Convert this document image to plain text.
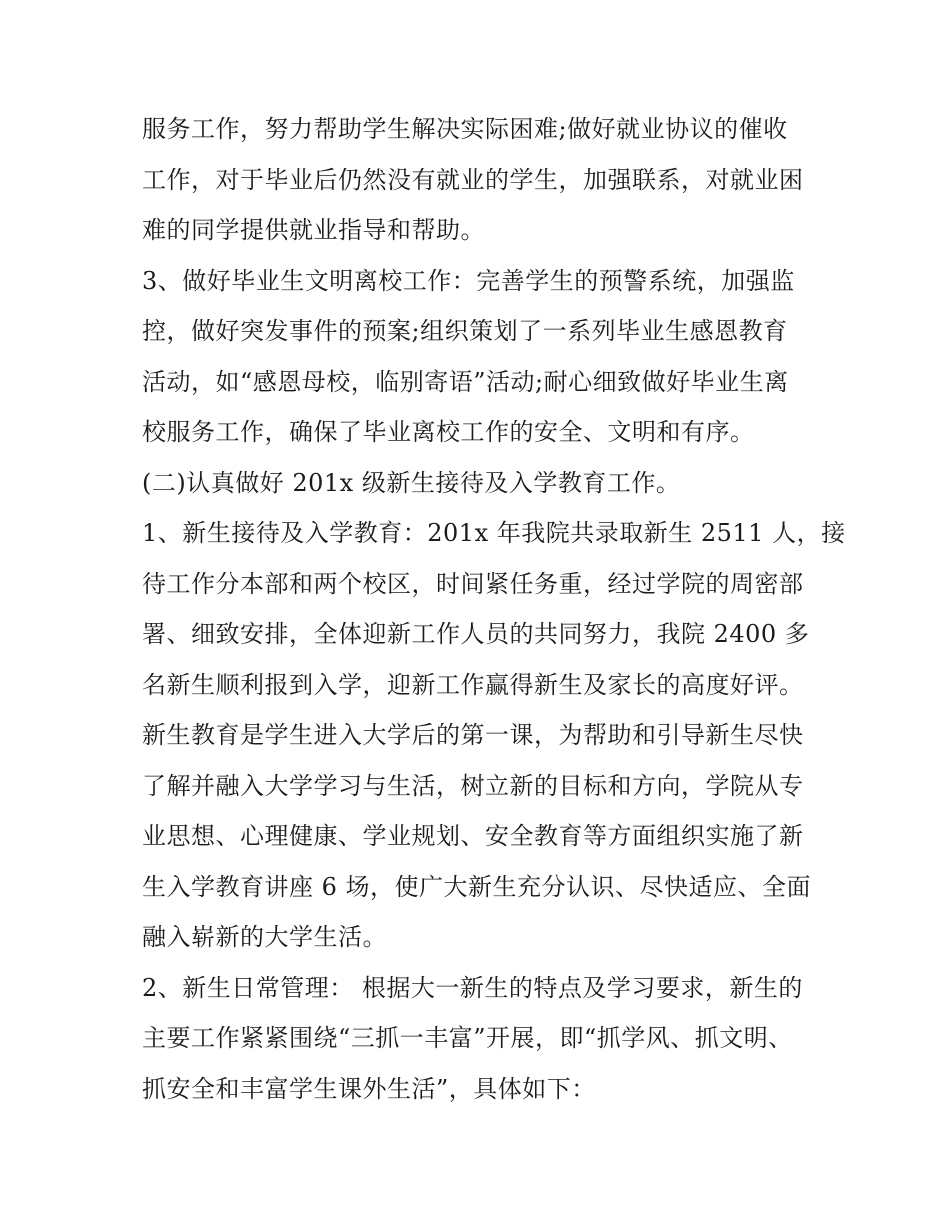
服务工作，努力帮助学生解决实际困难;做好就业协议的催收
工作，对于毕业后仍然没有就业的学生，加强联系，对就业困
难的同学提供就业指导和帮助。
3、做好毕业生文明离校工作：完善学生的预警系统，加强监
控，做好突发事件的预案;组织策划了一系列毕业生感恩教育
活动，如“感恩母校，临别寄语”活动;耐心细致做好毕业生离
校服务工作，确保了毕业离校工作的安全、文明和有序。
(二)认真做好 201x 级新生接待及入学教育工作。
1、新生接待及入学教育：201x 年我院共录取新生 2511 人，接
待工作分本部和两个校区，时间紧任务重，经过学院的周密部
署、细致安排，全体迎新工作人员的共同努力，我院 2400 多
名新生顺利报到入学，迎新工作赢得新生及家长的高度好评。
新生教育是学生进入大学后的第一课，为帮助和引导新生尽快
了解并融入大学学习与生活，树立新的目标和方向，学院从专
业思想、心理健康、学业规划、安全教育等方面组织实施了新
生入学教育讲座 6 场，使广大新生充分认识、尽快适应、全面
融入崭新的大学生活。
2、新生日常管理： 根据大一新生的特点及学习要求，新生的
主要工作紧紧围绕“三抓一丰富”开展，即“抓学风、抓文明、
抓安全和丰富学生课外生活”，具体如下：
